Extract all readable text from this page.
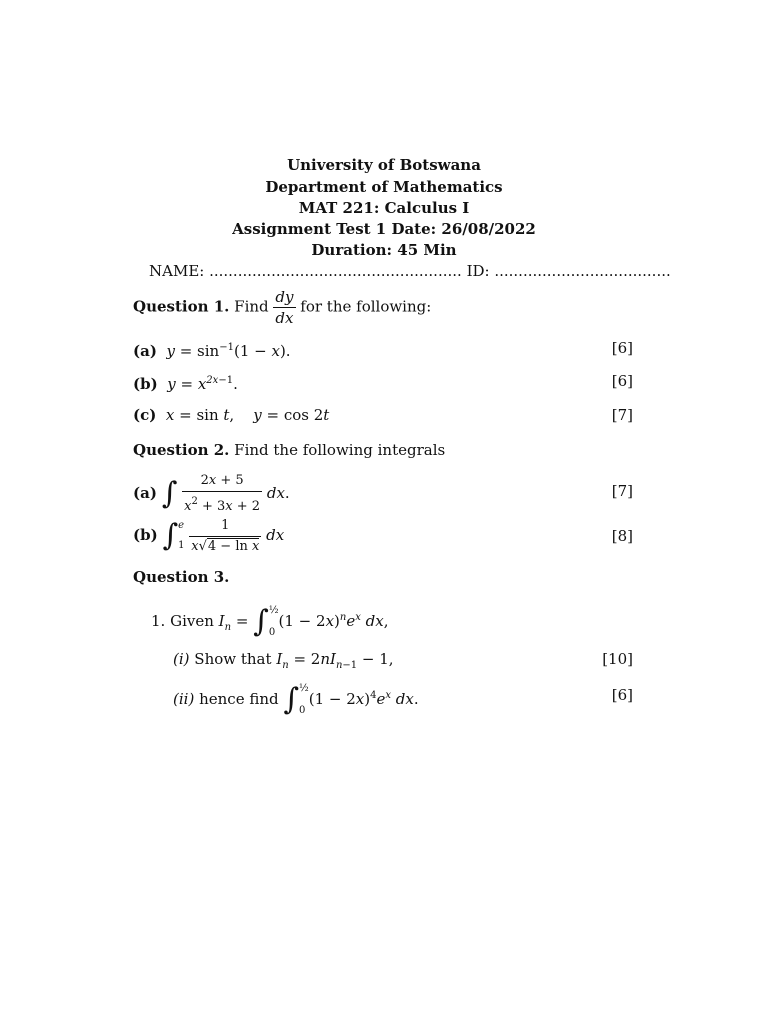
University of Botswana
Department of Mathematics
MAT 221: Calculus I
Assignment Test 1 Date: 26/08/2022
Duration: 45 Min
NAME: ..................................................... ID: .....................................
Question 1. Find $\frac{dy}{dx}$ for the following:
(a) $y = \sin^{-1}(1 - x)$.	[6]
(b) $y = x^{2x-1}$.	[6]
(c) x = sin t,    y = cos 2t	[7]
Question 2. Find the following integrals
(a) ∫ $\frac{2x + 5}{x^2 + 3x + 2}$ dx.	[7]
(b) ∫e
$1 \frac{1}{\text{x√4 − ln x}}$ dx	[8]
Question 3.
1. Given $I_n$ = ∫½
$0(1 - 2x)^ne^x$ dx,
(i) Show that $I_n = 2nI_{n-1} - 1$,	[10]
(ii) hence find ∫½
$0(1 - 2x)^4e^x$ dx.	[6]
